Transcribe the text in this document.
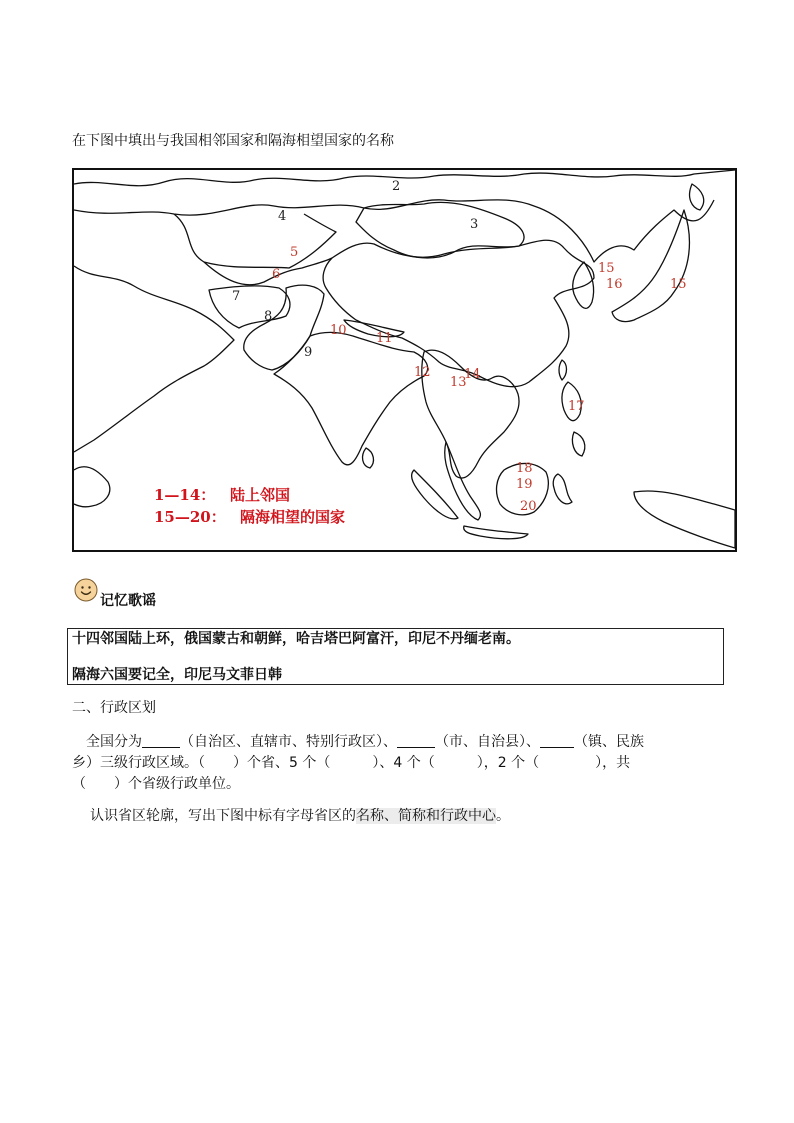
在下图中填出与我国相邻国家和隔海相望国家的名称
2
4
3
5
6
7
8
9
10
11
12
13
14
15
16	15
17
18
19
20
1—14： 陆上邻国
15—20： 隔海相望的国家
记忆歌谣
十四邻国陆上环，俄国蒙古和朝鲜，哈吉塔巴阿富汗，印尼不丹缅老南。
隔海六国要记全，印尼马文菲日韩
二、行政区划
全国分为	（自治区、直辖市、特别行政区）、	（市、自治县）、 （镇、民族
乡）三级行政区域。（　　）个省、5 个（　　　）、4 个（　　　），2 个（　　　　），共
（　　）个省级行政单位。
认识省区轮廓，写出下图中标有字母省区的名称、简称和行政中心。
